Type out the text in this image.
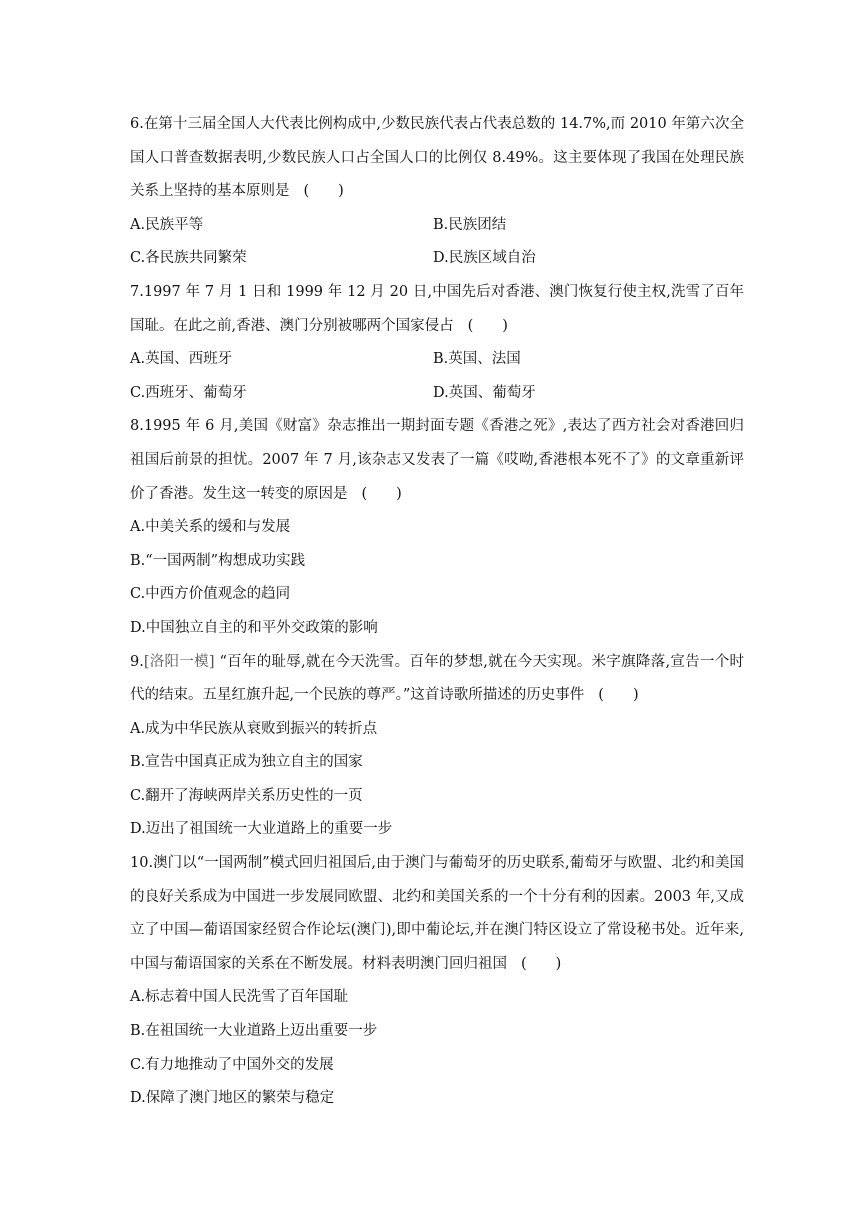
6.在第十三届全国人大代表比例构成中,少数民族代表占代表总数的 14.7%,而 2010 年第六次全国人口普查数据表明,少数民族人口占全国人口的比例仅 8.49%。这主要体现了我国在处理民族关系上坚持的基本原则是 (　　)

A.民族平等	B.民族团结

C.各民族共同繁荣	D.民族区域自治

7.1997 年 7 月 1 日和 1999 年 12 月 20 日,中国先后对香港、澳门恢复行使主权,洗雪了百年国耻。在此之前,香港、澳门分别被哪两个国家侵占 (　　)

A.英国、西班牙	B.英国、法国

C.西班牙、葡萄牙	D.英国、葡萄牙

8.1995 年 6 月,美国《财富》杂志推出一期封面专题《香港之死》,表达了西方社会对香港回归祖国后前景的担忧。2007 年 7 月,该杂志又发表了一篇《哎呦,香港根本死不了》的文章重新评价了香港。发生这一转变的原因是 (　　)

A.中美关系的缓和与发展

B.“一国两制”构想成功实践

C.中西方价值观念的趋同

D.中国独立自主的和平外交政策的影响

9.[洛阳一模] “百年的耻辱,就在今天洗雪。百年的梦想,就在今天实现。米字旗降落,宣告一个时代的结束。五星红旗升起,一个民族的尊严。”这首诗歌所描述的历史事件 (　　)

A.成为中华民族从衰败到振兴的转折点

B.宣告中国真正成为独立自主的国家

C.翻开了海峡两岸关系历史性的一页

D.迈出了祖国统一大业道路上的重要一步

10.澳门以“一国两制”模式回归祖国后,由于澳门与葡萄牙的历史联系,葡萄牙与欧盟、北约和美国的良好关系成为中国进一步发展同欧盟、北约和美国关系的一个十分有利的因素。2003 年,又成立了中国—葡语国家经贸合作论坛(澳门),即中葡论坛,并在澳门特区设立了常设秘书处。近年来,中国与葡语国家的关系在不断发展。材料表明澳门回归祖国 (　　)

A.标志着中国人民洗雪了百年国耻

B.在祖国统一大业道路上迈出重要一步

C.有力地推动了中国外交的发展

D.保障了澳门地区的繁荣与稳定
